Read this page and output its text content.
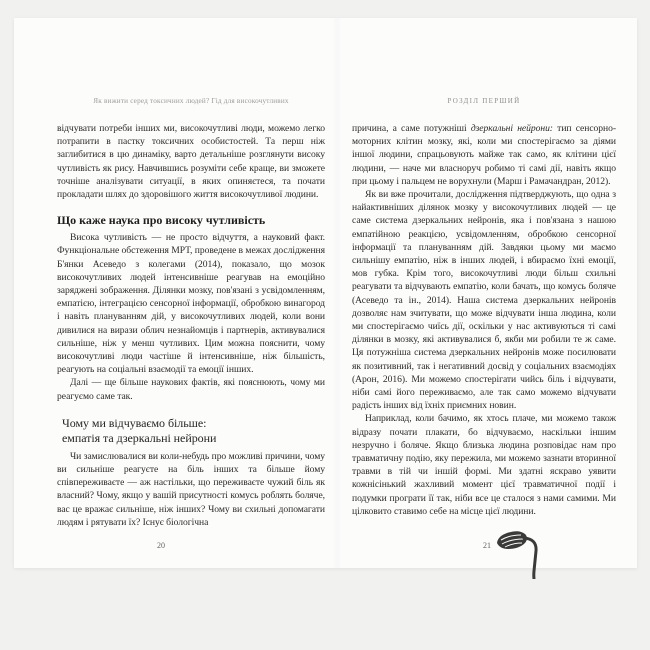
Як вижити серед токсичних людей? Гід для високочутливих	РОЗДІЛ ПЕРШИЙ

відчувати потреби інших ми, високочутливі люди, можемо легко потрапити в пастку токсичних особистостей. Та перш ніж заглибитися в цю динаміку, варто детальніше розглянути високу чутливість як рису. Навчившись розуміти себе краще, ви зможете точніше аналізувати ситуації, в яких опиняєтеся, та почати прокладати шлях до здоровішого життя високочутливої людини.

Що каже наука про високу чутливість

Висока чутливість — не просто відчуття, а науковий факт. Функціональне обстеження МРТ, проведене в межах дослідження Б'янки Асеведо з колегами (2014), показало, що мозок високочутливих людей інтенсивніше реагував на емоційно заряджені зображення. Ділянки мозку, пов'язані з усвідомленням, емпатією, інтеграцією сенсорної інформації, обробкою винагород і навіть плануванням дій, у високочутливих людей, коли вони дивилися на вирази облич незнайомців і партнерів, активувалися сильніше, ніж у менш чутливих. Цим можна пояснити, чому високочутливі люди частіше й інтенсивніше, ніж більшість, реагують на соціальні взаємодії та емоції інших.

Далі — ще більше наукових фактів, які пояснюють, чому ми реагуємо саме так.

Чому ми відчуваємо більше:
емпатія та дзеркальні нейрони

Чи замислювалися ви коли-небудь про можливі причини, чому ви сильніше реагуєте на біль інших та більше йому співпереживаєте — аж настільки, що переживаєте чужий біль як власний? Чому, якщо у вашій присутності комусь роблять боляче, вас це вражає сильніше, ніж інших? Чому ви схильні допомагати людям і рятувати їх? Існує біологічна

причина, а саме потужніші дзеркальні нейрони: тип сенсорно-моторних клітин мозку, які, коли ми спостерігаємо за діями іншої людини, спрацьовують майже так само, як клітини цієї людини, — наче ми власноруч робимо ті самі дії, навіть якщо при цьому і пальцем не ворухнули (Марш і Рамачандран, 2012).

Як ви вже прочитали, дослідження підтверджують, що одна з найактивніших ділянок мозку у високочутливих людей — це саме система дзеркальних нейронів, яка і пов'язана з нашою емпатійною реакцією, усвідомленням, обробкою сенсорної інформації та плануванням дій. Завдяки цьому ми маємо сильнішу емпатію, ніж в інших людей, і вбираємо їхні емоції, мов губка. Крім того, високочутливі люди більш схильні реагувати та відчувають емпатію, коли бачать, що комусь боляче (Асеведо та ін., 2014). Наша система дзеркальних нейронів дозволяє нам зчитувати, що може відчувати інша людина, коли ми спостерігаємо чиїсь дії, оскільки у нас активуються ті самі ділянки в мозку, які активувалися б, якби ми робили те ж саме. Ця потужніша система дзеркальних нейронів може посилювати як позитивний, так і негативний досвід у соціальних взаємодіях (Арон, 2016). Ми можемо спостерігати чийсь біль і відчувати, ніби самі його переживаємо, але так само можемо відчувати радість інших від їхніх приємних новин.

Наприклад, коли бачимо, як хтось плаче, ми можемо також відразу почати плакати, бо відчуваємо, наскільки іншим незручно і боляче. Якщо близька людина розповідає нам про травматичну подію, яку пережила, ми можемо зазнати вторинної травми в тій чи іншій формі. Ми здатні яскраво уявити кожнісінький жахливий момент цієї травматичної події і подумки програти її так, ніби все це сталося з нами самими. Ми цілковито ставимо себе на місце цієї людини.

20	21
